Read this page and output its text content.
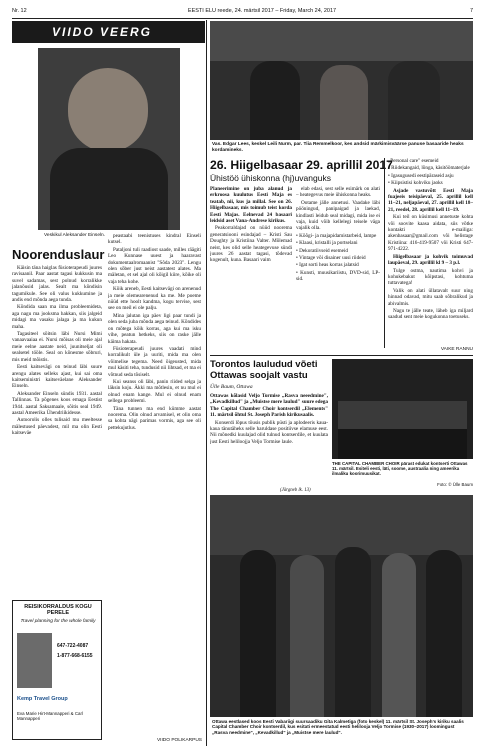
Nr. 12	EESTI ELU reede, 24. märtsil 2017 – Friday, March 24, 2017	7
VIIDO VEERG
Veskikul Aleksander Einseln.
Noorenduslaur

Käisin täna haiglas füsioterapeudi juures ravisaanil. Paar aastat tagasi kukkusin ma suvel sadamas, sest polnud korralikke jalanõusid jalas. Sealt ma kõndisin tagumikule. See oli valus kukkumine ja andis end mõnda aega tunda.

Kõndida saan ma ilma probleemideta, aga nagu ma jooksma hakkan, siis jalgeid midagi ma vasaku jalaga ja ma kukun maha.

Tagasiteel sõitsin läbi Nursi Mimi vanaavaaiaa ei. Nursi mõisas oli meie ajal meie eelne aastate neid, juunitseljat oli sealsetel tööle. Seal on kõnesme sõbruri, mis meid mõistis.

Eesti kaitsevägi on teinud läbi suure arengu alates selleks ajast, kui sai oma kaitseministri kaitseväelane Aleksander Einseln.

Aleksander Einseln sündis 1931. aastal Tallinnas. Ta põgenes koos emaga Eestist 1944. aastal Saksamaale, sõitis seal 1949. aastal Ameerika Ühendriikidesse.

Autoorolis olles tulisaid mu meeltesse mälestused päevadest, mil ma olin Eesti kaitseväe

REISIKORRALDUS KOGU PERELE
Travel planning for the whole family
647-722-4087
1-877-668-6155
Kemp Travel Group
Eva Marie Hirt-Mannapperi & Carl Mannapperi

peastaabi teenistuses kindral Einseli kutsel.

Pataljoni tuli raadiost saade, milles räägiti Leo Kunnase uuest ja haaravast dokumentaalromaanist "Sõda 2023". Lengu olen sõber just neist aastatest alates. Ma mäletan, et sel ajal oli kõigil kiire, kõike oli vaja teha kohe.

Kõik areneb, Eesti kaitsevägi on arenenud ja meie olemearenenud ka me. Me poeme nüüd ette hoolt kandma, kogu tervise, sest see on meil ei ole palju.

Mina jalutan iga päev ligi paar tundi ja olen seda juba mõnda aega teinud. Kõndides on mõtega kõik korras, aga kui ma isku vihe, peatun hetkeks, siis on raske jälle käima hakata.

Füsioterapeudi juures vaadati mind korralikult üle ja uuriti, mida ma olen võimelise tegema. Need õigeusted, mida mul käsiti teha, tundusid nii lihtsad, et ma ei võtnud seda tõsiselt.

Kui seanss oli läbi, panin riided selga ja läksin koju. Äkki ma mõtlesin, et nu mul ei olnud enam kange. Mul ei olnud enam sellega probleemi.

Täna tunnen ma end kümme aastat noorema. Olin olnud arvamisel, et olin oma sa kohta nägi parimas vormis, aga see oli pettekujutlus.

VIIDO POLIKARPUS
Vas. Edgar Lees, keskel Leili Nurm, par. Tiia Remmelkoor, kes andsid märkimisväärse panuse basaaride heaks kordamineks.
26. Hiigelbasaar 29. aprillil 2017
Ühistöö ühiskonna (hj)uvanguks

Planeerimine on juba alanud ja erkroosa kuulutus Eesti Maja es teatab, nii, kus ja millal. See on 26. Hiigelbasaar, mis toimub teist korda Eesti Majas. Eelnevad 24 basaari leidsid aset Vana-Andrese kirikus.

Peakorraldajad on nüüd noorema generatsiooni esindajad – Kristi Sau Doughty ja Kristiina Valter. Mõlemad neist, kes olid selle heategevuse sündi juures 26 aastat tagasi, tõdevad kogenult, kuna. Basaari vaim

elab edasi, sest selle esimärk on alati – heategevus meie ühiskonna heaks.

Ootame jälle annetusi. Vaadake läbi pööningud, panipaigad ja laekad, kindlasti leidub seal midagi, mida ise ei vaja, kuid võib kellelegi teisele väga vajalik olla.

• Kõõgi- ja majapidamistarbeid, lampe

• Klaasi, kristalli ja portselani

• Dekoratiivseid esemeid

• Vintage või disainer uusi riideid

• Igat sorti heas korras jalatsid

• Kunsti, muusikariistu, DVD-sid, LP-sid.

„Personal care" esemeid

• Riidekangaid, lõnga, käsitöömaterjale

• Igasugusedi eestipäraseid asju

• Kiipsistisi kohviku jaoks

Asjade vastuvõtt Eesti Maja fuajeeis teisipäeval, 25. aprillil kell 11–21, neljapäeval, 27. aprillil kell 18–21, reedel, 28. aprillil kell 11–19.

Kui teil on küsimusi annetuste kohta või soovite kaasa aidata, siis võtke kontakti e-mailiga: akenbasaar@gmail.com või helistage Kristiina: 416-419-9507 või Kristi 647-971-4222.

Hiigelbasaar ja kohvik toimuvad laupäeval, 29. aprillil kl 9 – 3 p.l.

Tulge ostma, nautima kohvi ja kohukebakut kõipstasi, kohtuma tuttavatega!

Valik on alati üllatavalt suur ning hinnad odavad, mitu saab sõbralikud ja abivalmis.

Nagu te jälle teate, läheb iga miljard saadud sent meie kogukonna toetuseks.

VAIKE RANNU
Torontos lauludud võeti Ottawas soojalt vastu
Ülle Baum, Ottawa

Ottawas kõlasid Veljo Tormise „Rasva neeedmine", „Kevadkillud" ja „Muistse mere laulud" suure edega The Capital Chamber Choir kontserdil „Elements" 11. märtsil õhtul St. Joseph Parish kirikusaalis.

Konserdi lõpus tõusis publik püsti ja aplodeeris kaua-kaua tänutäheks selle haruldase positiivse elamuse eest. Nii mõnedki kuulajad olid tulnud kontserdile, et kuulata just Eesti heliloojja Veljo Tormise laule.

(Järgneb lk. 13)
THE CAPITAL CHAMBER CHOIR pärast edukat kontserti Ottawas 11. märtsil. Esiteli eesti, läti, soome, austraalia ning ameerika ilmaliku koorimuusikat.
Foto: © Ülle Baum
Ottawa eestlased koos Eesti Vabariigi suursaadiku Gita Kalmetiga (foto keskel) 11. märtsil St. Joseph's kiriku saalis Capital Chamber Choir kontserdil, kus esitati ermeestatud eesti helilooja Veljo Tormise (1930–2017) loomingust „Rasva needmine", „Kevadkillud" ja „Muistse mere laulud".
